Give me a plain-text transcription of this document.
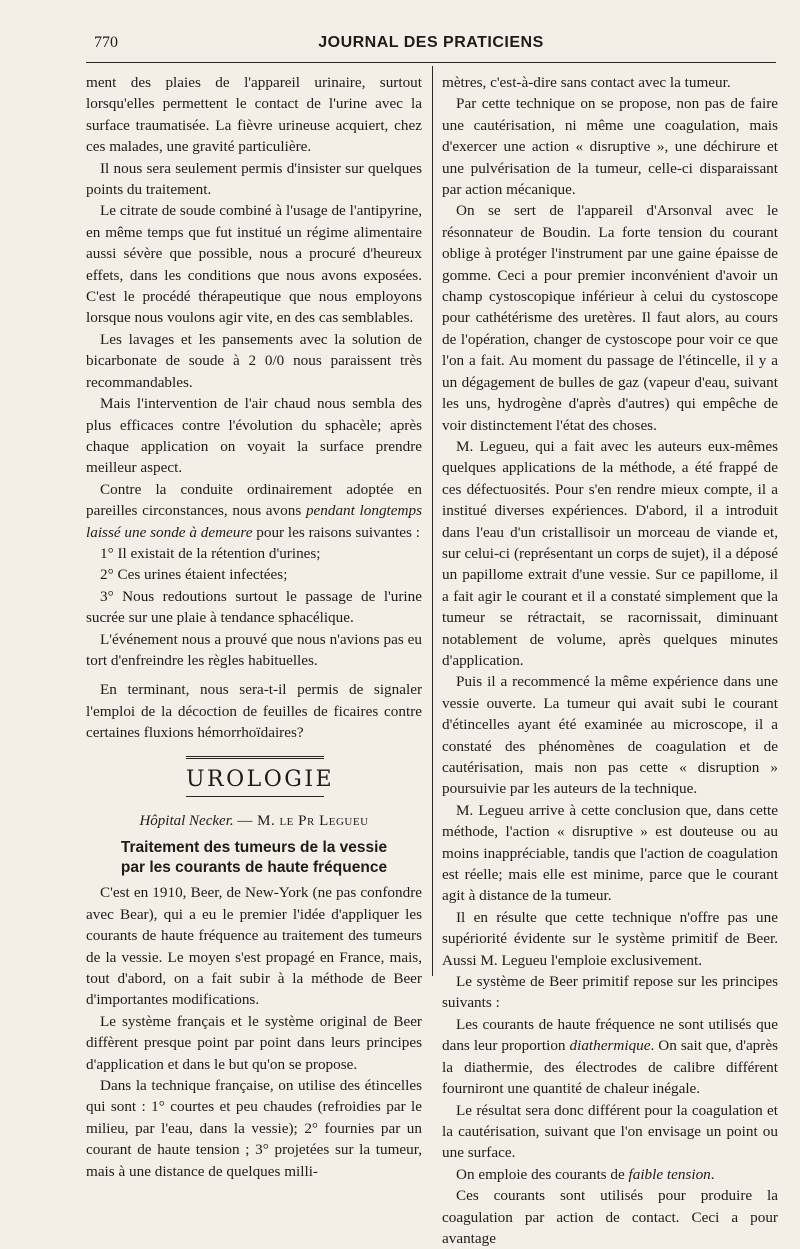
770	JOURNAL DES PRATICIENS

ment des plaies de l'appareil urinaire, surtout lorsqu'elles permettent le contact de l'urine avec la surface traumatisée. La fièvre urineuse acquiert, chez ces malades, une gravité particulière.

Il nous sera seulement permis d'insister sur quelques points du traitement.

Le citrate de soude combiné à l'usage de l'antipyrine, en même temps que fut institué un régime alimentaire aussi sévère que possible, nous a procuré d'heureux effets, dans les conditions que nous avons exposées. C'est le procédé thérapeutique que nous employons lorsque nous voulons agir vite, en des cas semblables.

Les lavages et les pansements avec la solution de bicarbonate de soude à 2 0/0 nous paraissent très recommandables.

Mais l'intervention de l'air chaud nous sembla des plus efficaces contre l'évolution du sphacèle; après chaque application on voyait la surface prendre meilleur aspect.

Contre la conduite ordinairement adoptée en pareilles circonstances, nous avons pendant longtemps laissé une sonde à demeure pour les raisons suivantes :

1° Il existait de la rétention d'urines;

2° Ces urines étaient infectées;

3° Nous redoutions surtout le passage de l'urine sucrée sur une plaie à tendance sphacélique.

L'événement nous a prouvé que nous n'avions pas eu tort d'enfreindre les règles habituelles.

En terminant, nous sera-t-il permis de signaler l'emploi de la décoction de feuilles de ficaires contre certaines fluxions hémorrhoïdaires?

UROLOGIE
Hôpital Necker. — M. le Pr Legueu
Traitement des tumeurs de la vessie
par les courants de haute fréquence

C'est en 1910, Beer, de New-York (ne pas confondre avec Bear), qui a eu le premier l'idée d'appliquer les courants de haute fréquence au traitement des tumeurs de la vessie. Le moyen s'est propagé en France, mais, tout d'abord, on a fait subir à la méthode de Beer d'importantes modifications.

Le système français et le système original de Beer diffèrent presque point par point dans leurs principes d'application et dans le but qu'on se propose.

Dans la technique française, on utilise des étincelles qui sont : 1° courtes et peu chaudes (refroidies par le milieu, par l'eau, dans la vessie); 2° fournies par un courant de haute tension ; 3° projetées sur la tumeur, mais à une distance de quelques milli-

mètres, c'est-à-dire sans contact avec la tumeur.

Par cette technique on se propose, non pas de faire une cautérisation, ni même une coagulation, mais d'exercer une action « disruptive », une déchirure et une pulvérisation de la tumeur, celle-ci disparaissant par action mécanique.

On se sert de l'appareil d'Arsonval avec le résonnateur de Boudin. La forte tension du courant oblige à protéger l'instrument par une gaine épaisse de gomme. Ceci a pour premier inconvénient d'avoir un champ cystoscopique inférieur à celui du cystoscope pour cathétérisme des uretères. Il faut alors, au cours de l'opération, changer de cystoscope pour voir ce que l'on a fait. Au moment du passage de l'étincelle, il y a un dégagement de bulles de gaz (vapeur d'eau, suivant les uns, hydrogène d'après d'autres) qui empêche de voir distinctement l'état des choses.

M. Legueu, qui a fait avec les auteurs eux-mêmes quelques applications de la méthode, a été frappé de ces défectuosités. Pour s'en rendre mieux compte, il a institué diverses expériences. D'abord, il a introduit dans l'eau d'un cristallisoir un morceau de viande et, sur celui-ci (représentant un corps de sujet), il a déposé un papillome extrait d'une vessie. Sur ce papillome, il a fait agir le courant et il a constaté simplement que la tumeur se rétractait, se racornissait, diminuant notablement de volume, après quelques minutes d'application.

Puis il a recommencé la même expérience dans une vessie ouverte. La tumeur qui avait subi le courant d'étincelles ayant été examinée au microscope, il a constaté des phénomènes de coagulation et de cautérisation, mais non pas cette « disruption » poursuivie par les auteurs de la technique.

M. Legueu arrive à cette conclusion que, dans cette méthode, l'action « disruptive » est douteuse ou au moins inappréciable, tandis que l'action de coagulation est réelle; mais elle est minime, parce que le courant agit à distance de la tumeur.

Il en résulte que cette technique n'offre pas une supériorité évidente sur le système primitif de Beer. Aussi M. Legueu l'emploie exclusivement.

Le système de Beer primitif repose sur les principes suivants :

Les courants de haute fréquence ne sont utilisés que dans leur proportion diathermique. On sait que, d'après la diathermie, des électrodes de calibre différent fourniront une quantité de chaleur inégale.

Le résultat sera donc différent pour la coagulation et la cautérisation, suivant que l'on envisage un point ou une surface.

On emploie des courants de faible tension.

Ces courants sont utilisés pour produire la coagulation par action de contact. Ceci a pour avantage
